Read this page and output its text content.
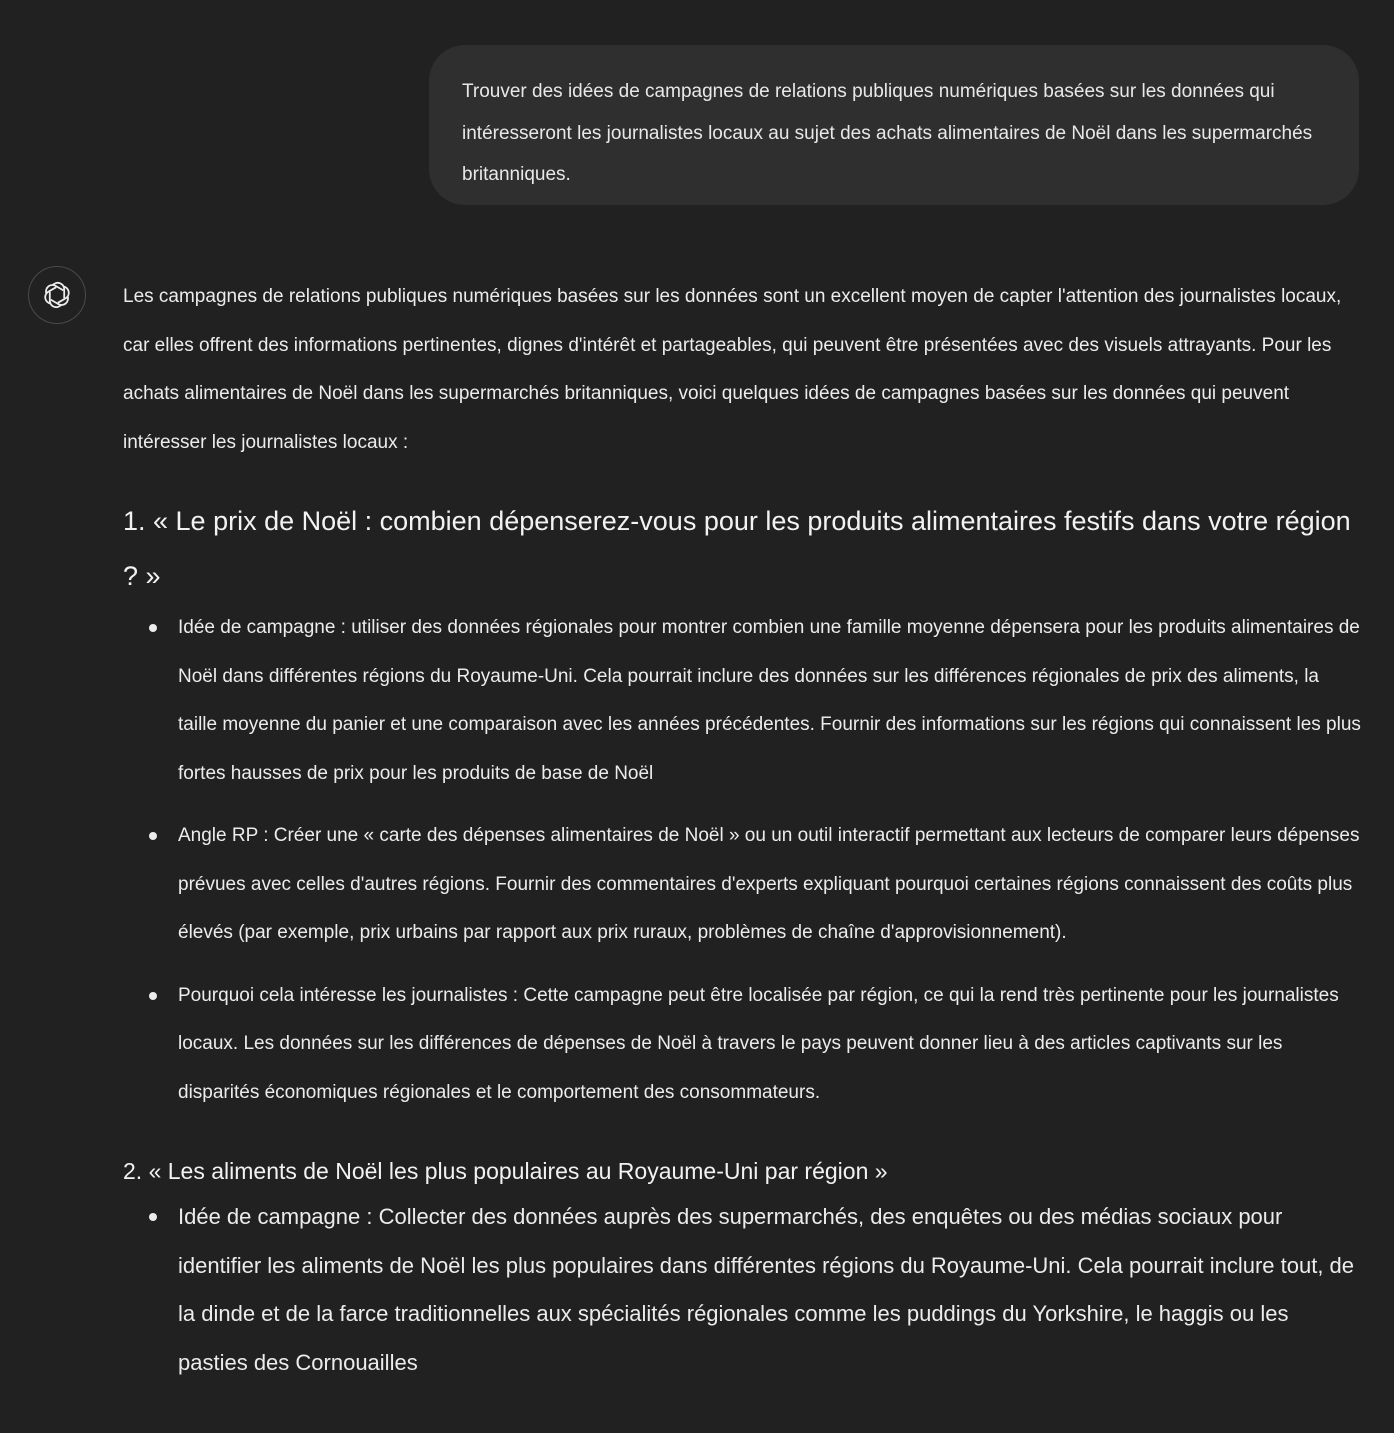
Trouver des idées de campagnes de relations publiques numériques basées sur les données qui intéresseront les journalistes locaux au sujet des achats alimentaires de Noël dans les supermarchés britanniques.

Les campagnes de relations publiques numériques basées sur les données sont un excellent moyen de capter l'attention des journalistes locaux, car elles offrent des informations pertinentes, dignes d'intérêt et partageables, qui peuvent être présentées avec des visuels attrayants. Pour les achats alimentaires de Noël dans les supermarchés britanniques, voici quelques idées de campagnes basées sur les données qui peuvent intéresser les journalistes locaux :

1. « Le prix de Noël : combien dépenserez-vous pour les produits alimentaires festifs dans votre région ? »
Idée de campagne : utiliser des données régionales pour montrer combien une famille moyenne dépensera pour les produits alimentaires de Noël dans différentes régions du Royaume-Uni. Cela pourrait inclure des données sur les différences régionales de prix des aliments, la taille moyenne du panier et une comparaison avec les années précédentes. Fournir des informations sur les régions qui connaissent les plus fortes hausses de prix pour les produits de base de Noël
Angle RP : Créer une « carte des dépenses alimentaires de Noël » ou un outil interactif permettant aux lecteurs de comparer leurs dépenses prévues avec celles d'autres régions. Fournir des commentaires d'experts expliquant pourquoi certaines régions connaissent des coûts plus élevés (par exemple, prix urbains par rapport aux prix ruraux, problèmes de chaîne d'approvisionnement).
Pourquoi cela intéresse les journalistes : Cette campagne peut être localisée par région, ce qui la rend très pertinente pour les journalistes locaux. Les données sur les différences de dépenses de Noël à travers le pays peuvent donner lieu à des articles captivants sur les disparités économiques régionales et le comportement des consommateurs.
2. « Les aliments de Noël les plus populaires au Royaume-Uni par région »
Idée de campagne : Collecter des données auprès des supermarchés, des enquêtes ou des médias sociaux pour identifier les aliments de Noël les plus populaires dans différentes régions du Royaume-Uni. Cela pourrait inclure tout, de la dinde et de la farce traditionnelles aux spécialités régionales comme les puddings du Yorkshire, le haggis ou les pasties des Cornouailles
